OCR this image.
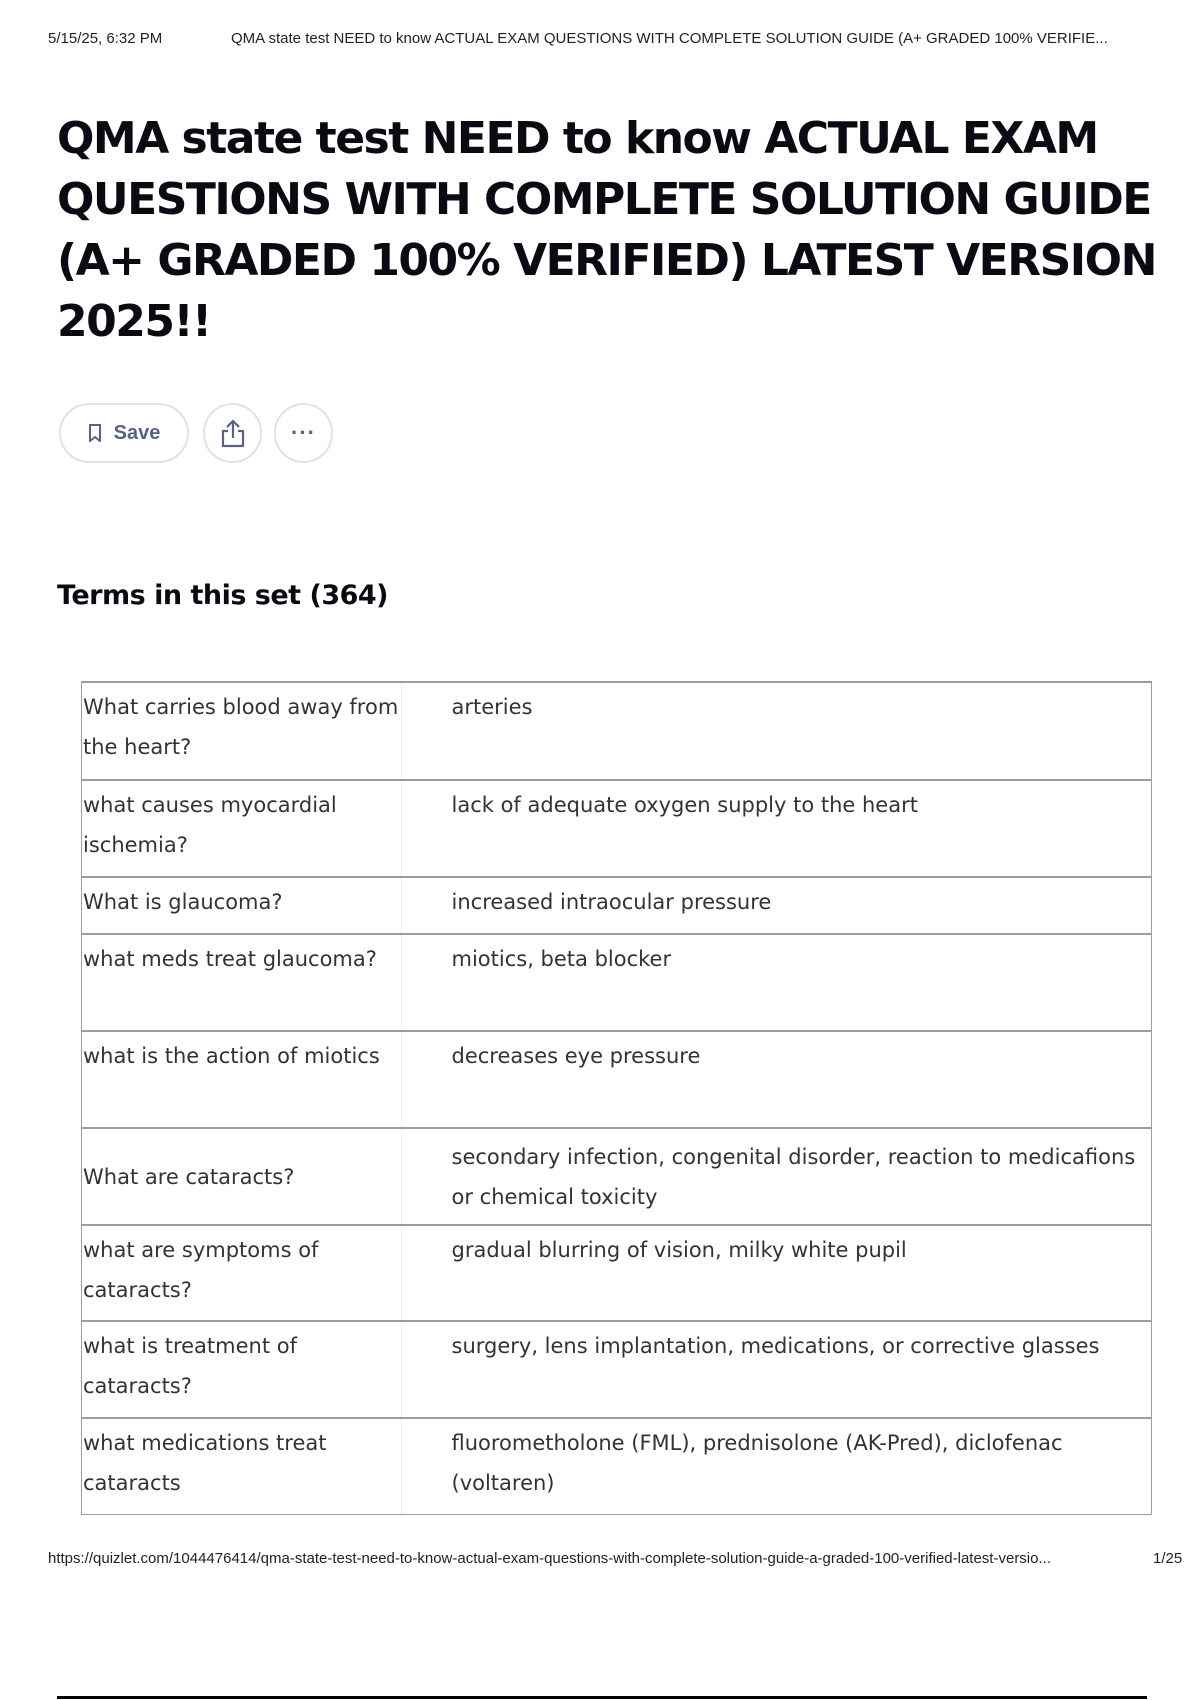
5/15/25, 6:32 PM	QMA state test NEED to know ACTUAL EXAM QUESTIONS WITH COMPLETE SOLUTION GUIDE (A+ GRADED 100% VERIFIE...
QMA state test NEED to know ACTUAL EXAM QUESTIONS WITH COMPLETE SOLUTION GUIDE (A+ GRADED 100% VERIFIED) LATEST VERSION 2025!!
Save	···
Terms in this set (364)
What carries blood away from the heart?	arteries
what causes myocardial ischemia?	lack of adequate oxygen supply to the heart
What is glaucoma?	increased intraocular pressure
what meds treat glaucoma?	miotics, beta blocker
what is the action of miotics	decreases eye pressure
What are cataracts?	secondary infection, congenital disorder, reaction to medicafions or chemical toxicity
what are symptoms of cataracts?	gradual blurring of vision, milky white pupil
what is treatment of cataracts?	surgery, lens implantation, medications, or corrective glasses
what medications treat cataracts	fluorometholone (FML), prednisolone (AK-Pred), diclofenac (voltaren)
https://quizlet.com/1044476414/qma-state-test-need-to-know-actual-exam-questions-with-complete-solution-guide-a-graded-100-verified-latest-versio...	1/25
